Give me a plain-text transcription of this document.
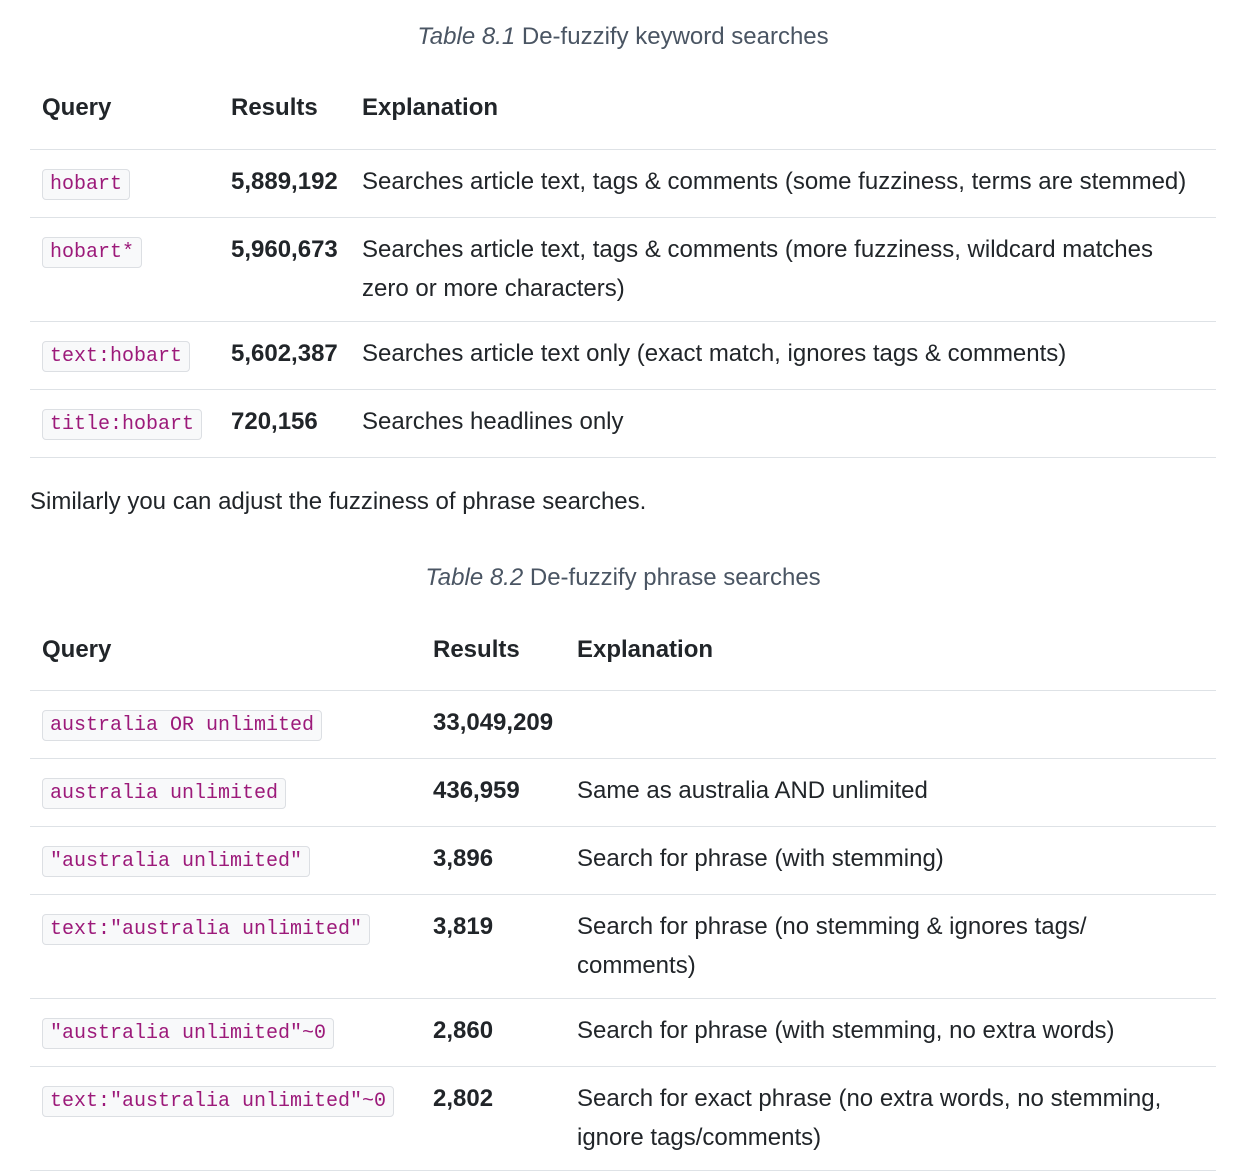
Table 8.1 De-fuzzify keyword searches

Query	Results	Explanation
hobart	5,889,192	Searches article text, tags & comments (some fuzziness, terms are stemmed)
hobart*	5,960,673	Searches article text, tags & comments (more fuzziness, wildcard matches zero or more characters)
text:hobart	5,602,387	Searches article text only (exact match, ignores tags & comments)
title:hobart	720,156	Searches headlines only

Similarly you can adjust the fuzziness of phrase searches.

Table 8.2 De-fuzzify phrase searches

Query	Results	Explanation
australia OR unlimited	33,049,209	
australia unlimited	436,959	Same as australia AND unlimited
"australia unlimited"	3,896	Search for phrase (with stemming)
text:"australia unlimited"	3,819	Search for phrase (no stemming & ignores tags/ comments)
"australia unlimited"~0	2,860	Search for phrase (with stemming, no extra words)
text:"australia unlimited"~0	2,802	Search for exact phrase (no extra words, no stemming, ignore tags/comments)
